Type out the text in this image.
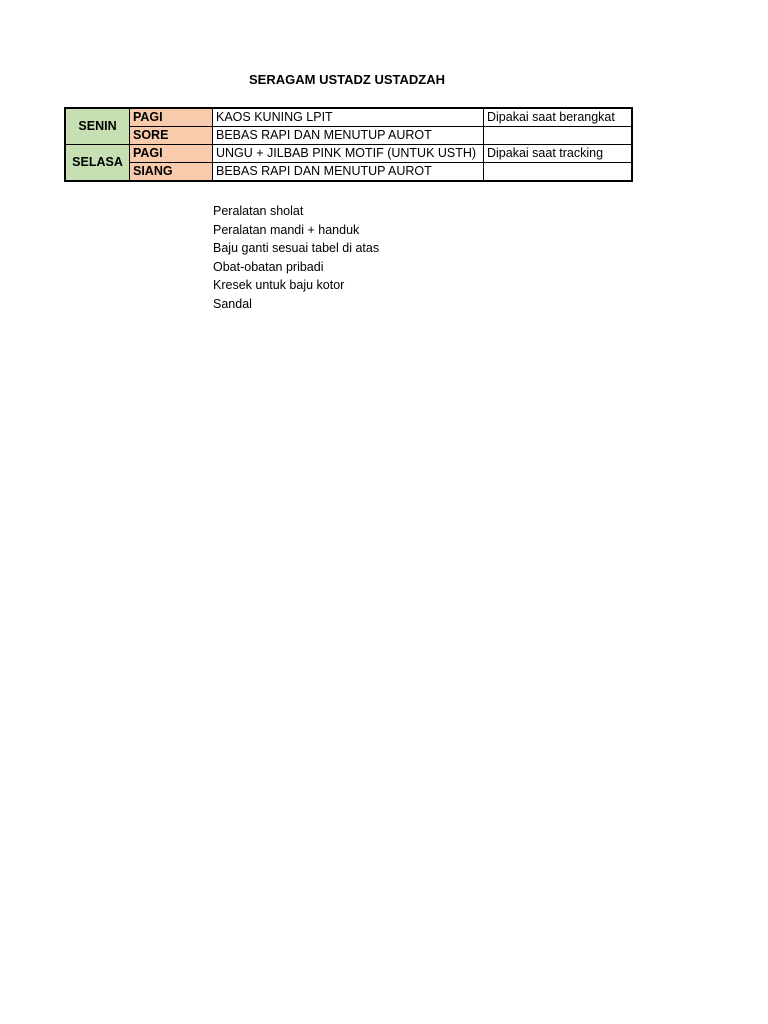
SERAGAM USTADZ USTADZAH
SENIN	PAGI	KAOS KUNING LPIT	Dipakai saat berangkat
	SORE	BEBAS RAPI DAN MENUTUP AUROT	
SELASA	PAGI	UNGU + JILBAB PINK MOTIF (UNTUK USTH)	Dipakai saat tracking
	SIANG	BEBAS RAPI DAN MENUTUP AUROT	
Peralatan sholat
Peralatan mandi + handuk
Baju ganti sesuai tabel di atas
Obat-obatan pribadi
Kresek untuk baju kotor
Sandal
